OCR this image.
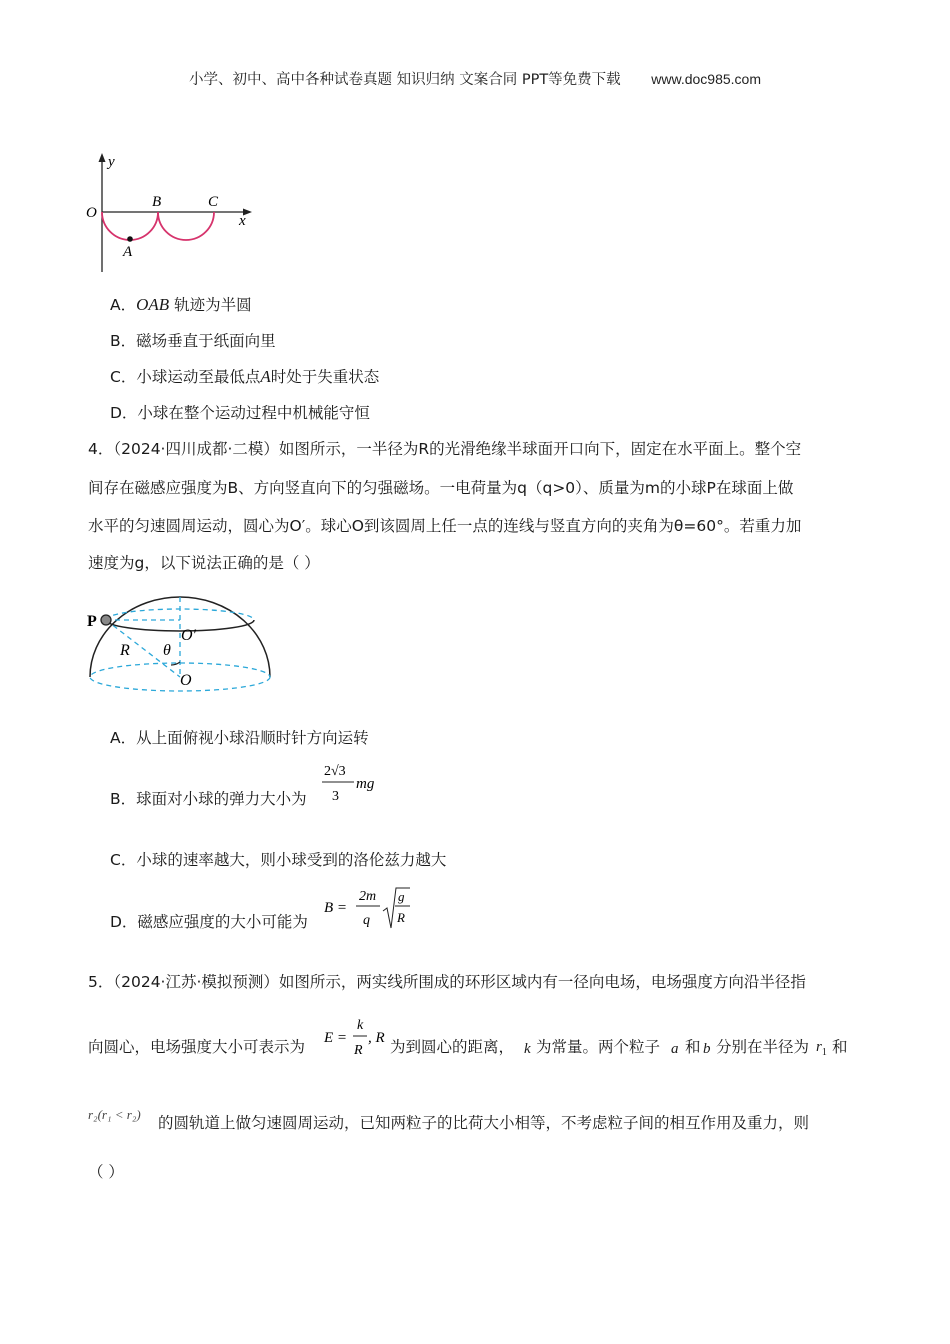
小学、初中、高中各种试卷真题 知识归纳 文案合同 PPT等免费下载 www.doc985.com
y
x
O
A
B	C
A．OAB 轨迹为半圆
B．磁场垂直于纸面向里
C．小球运动至最低点A时处于失重状态
D．小球在整个运动过程中机械能守恒
4．（2024·四川成都·二模）如图所示，一半径为R的光滑绝缘半球面开口向下，固定在水平面上。整个空
间存在磁感应强度为B、方向竖直向下的匀强磁场。一电荷量为q（q>0）、质量为m的小球P在球面上做
水平的匀速圆周运动，圆心为O′。球心O到该圆周上任一点的连线与竖直方向的夹角为θ=60°。若重力加
速度为g，以下说法正确的是（ ）
P
O′
R θ
O
A．从上面俯视小球沿顺时针方向运转
B．球面对小球的弹力大小为
2√3
3
mg
C．小球的速率越大，则小球受到的洛伦兹力越大
D．磁感应强度的大小可能为
B =
2m
q
g
R
5．（2024·江苏·模拟预测）如图所示，两实线所围成的环形区域内有一径向电场，电场强度方向沿半径指
向圆心，电场强度大小可表示为 E =
k
R
, R 为到圆心的距离， k 为常量。两个粒子 a 和 b 分别在半径为 $r_1$ 和
r₂(r₁ < r₂) 的圆轨道上做匀速圆周运动，已知两粒子的比荷大小相等，不考虑粒子间的相互作用及重力，则
（ ）
